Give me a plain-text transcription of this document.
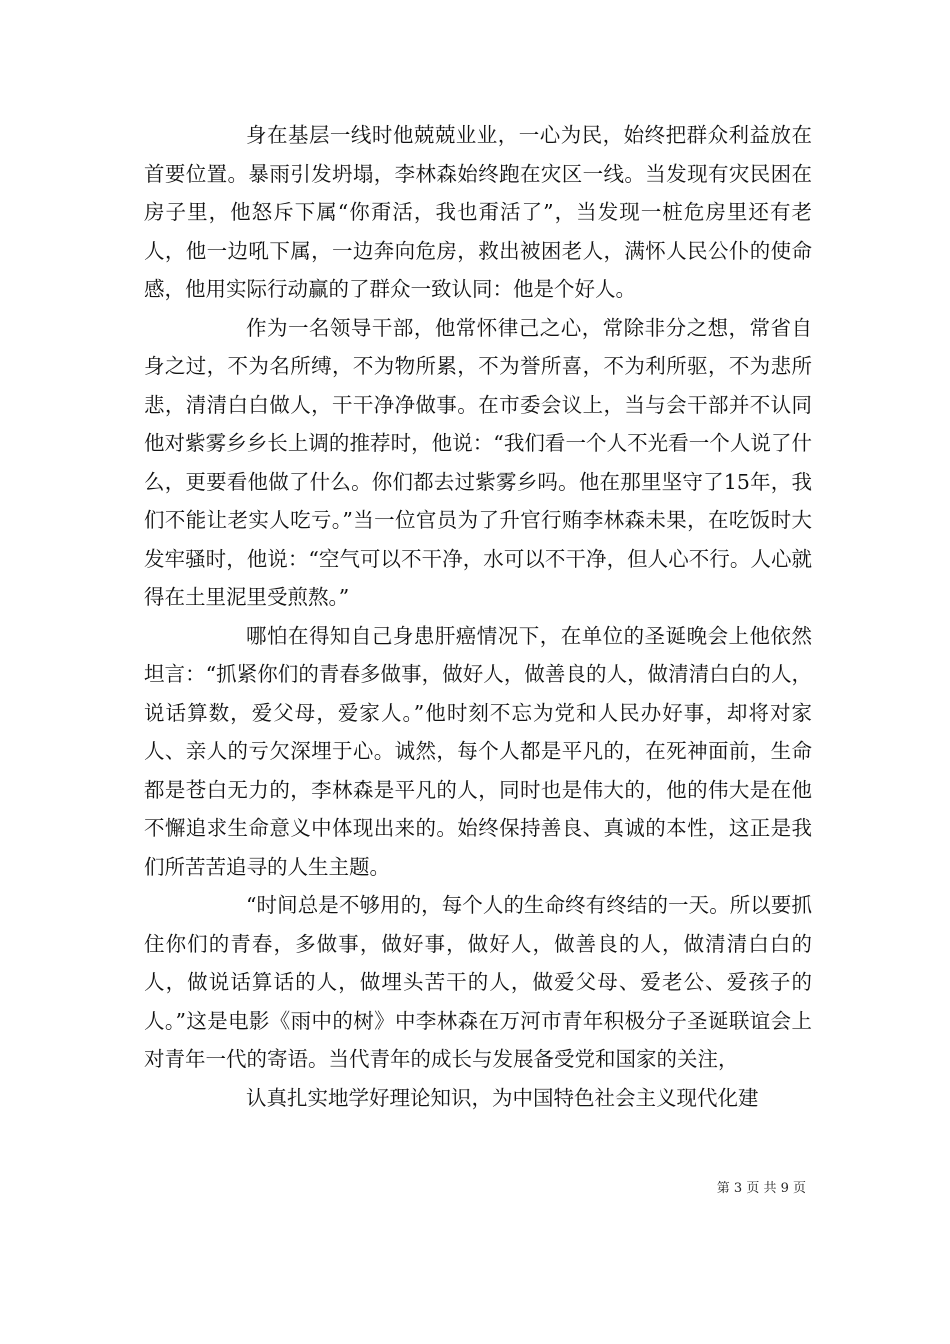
身在基层一线时他兢兢业业，一心为民，始终把群众利益放在首要位置。暴雨引发坍塌，李林森始终跑在灾区一线。当发现有灾民困在房子里，他怒斥下属“你甭活，我也甭活了”，当发现一桩危房里还有老人，他一边吼下属，一边奔向危房，救出被困老人，满怀人民公仆的使命感，他用实际行动赢的了群众一致认同：他是个好人。

作为一名领导干部，他常怀律己之心，常除非分之想，常省自身之过，不为名所缚，不为物所累，不为誉所喜，不为利所驱，不为悲所悲，清清白白做人，干干净净做事。在市委会议上，当与会干部并不认同他对紫雾乡乡长上调的推荐时，他说：“我们看一个人不光看一个人说了什么，更要看他做了什么。你们都去过紫雾乡吗。他在那里坚守了15年，我们不能让老实人吃亏。”当一位官员为了升官行贿李林森未果，在吃饭时大发牢骚时，他说：“空气可以不干净，水可以不干净，但人心不行。人心就得在土里泥里受煎熬。”

哪怕在得知自己身患肝癌情况下，在单位的圣诞晚会上他依然坦言：“抓紧你们的青春多做事，做好人，做善良的人，做清清白白的人，说话算数，爱父母，爱家人。”他时刻不忘为党和人民办好事，却将对家人、亲人的亏欠深埋于心。诚然，每个人都是平凡的，在死神面前，生命都是苍白无力的，李林森是平凡的人，同时也是伟大的，他的伟大是在他不懈追求生命意义中体现出来的。始终保持善良、真诚的本性，这正是我们所苦苦追寻的人生主题。

“时间总是不够用的，每个人的生命终有终结的一天。所以要抓住你们的青春，多做事，做好事，做好人，做善良的人，做清清白白的人，做说话算话的人，做埋头苦干的人，做爱父母、爱老公、爱孩子的人。”这是电影《雨中的树》中李林森在万河市青年积极分子圣诞联谊会上对青年一代的寄语。当代青年的成长与发展备受党和国家的关注，

认真扎实地学好理论知识，为中国特色社会主义现代化建

第 3 页 共 9 页
